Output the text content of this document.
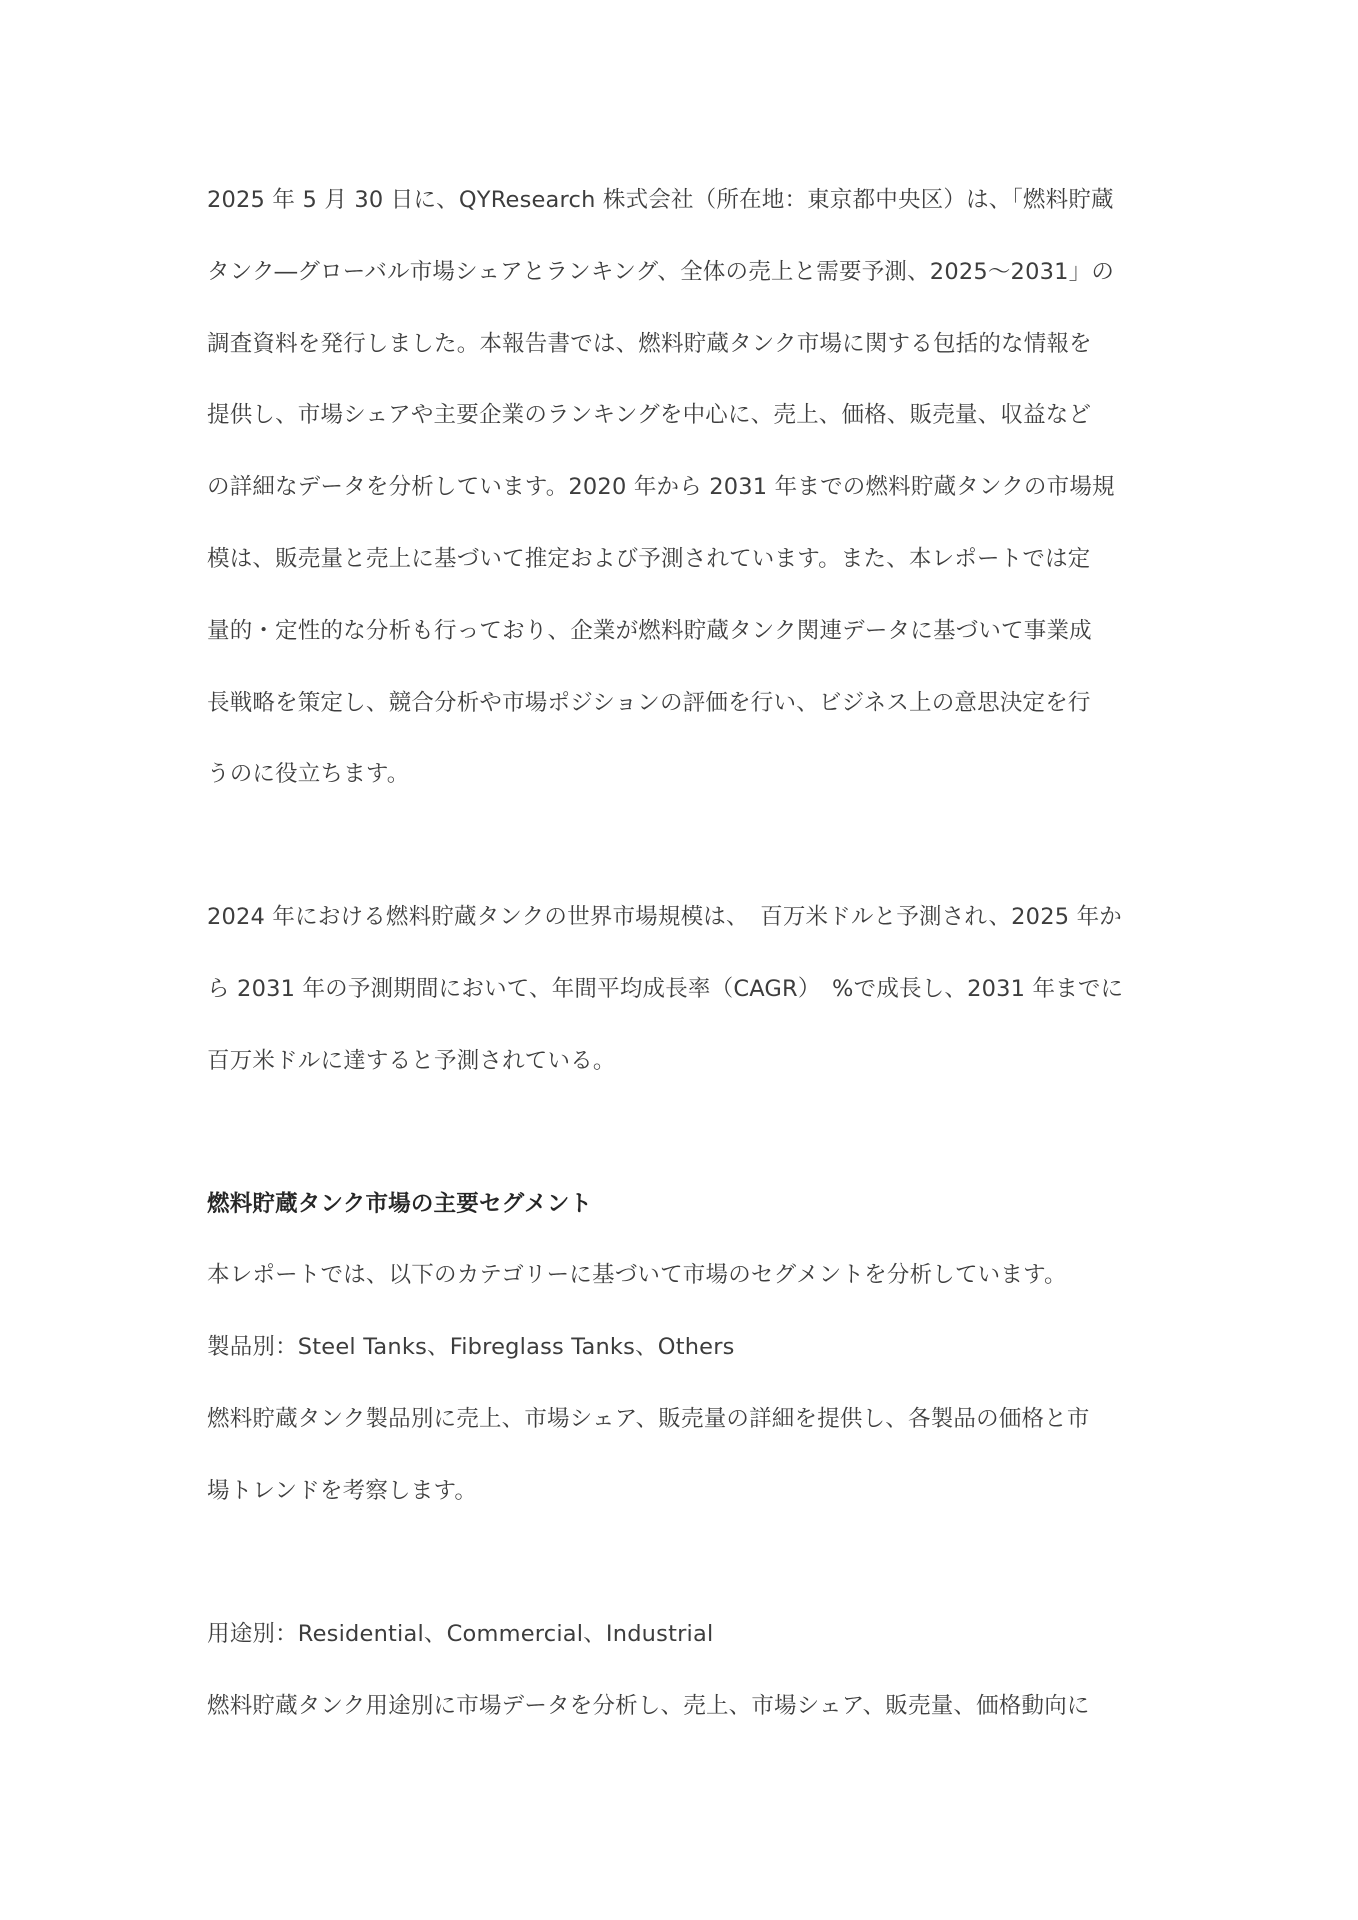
2025 年 5 月 30 日に、QYResearch 株式会社（所在地：東京都中央区）は、「燃料貯蔵
タンク―グローバル市場シェアとランキング、全体の売上と需要予測、2025～2031」の
調査資料を発行しました。本報告書では、燃料貯蔵タンク市場に関する包括的な情報を
提供し、市場シェアや主要企業のランキングを中心に、売上、価格、販売量、収益など
の詳細なデータを分析しています。2020 年から 2031 年までの燃料貯蔵タンクの市場規
模は、販売量と売上に基づいて推定および予測されています。また、本レポートでは定
量的・定性的な分析も行っており、企業が燃料貯蔵タンク関連データに基づいて事業成
長戦略を策定し、競合分析や市場ポジションの評価を行い、ビジネス上の意思決定を行
うのに役立ちます。
2024 年における燃料貯蔵タンクの世界市場規模は、　百万米ドルと予測され、2025 年か
ら 2031 年の予測期間において、年間平均成長率（CAGR）　%で成長し、2031 年までに
百万米ドルに達すると予測されている。
燃料貯蔵タンク市場の主要セグメント
本レポートでは、以下のカテゴリーに基づいて市場のセグメントを分析しています。
製品別：Steel Tanks、Fibreglass Tanks、Others
燃料貯蔵タンク製品別に売上、市場シェア、販売量の詳細を提供し、各製品の価格と市
場トレンドを考察します。
用途別：Residential、Commercial、Industrial
燃料貯蔵タンク用途別に市場データを分析し、売上、市場シェア、販売量、価格動向に
